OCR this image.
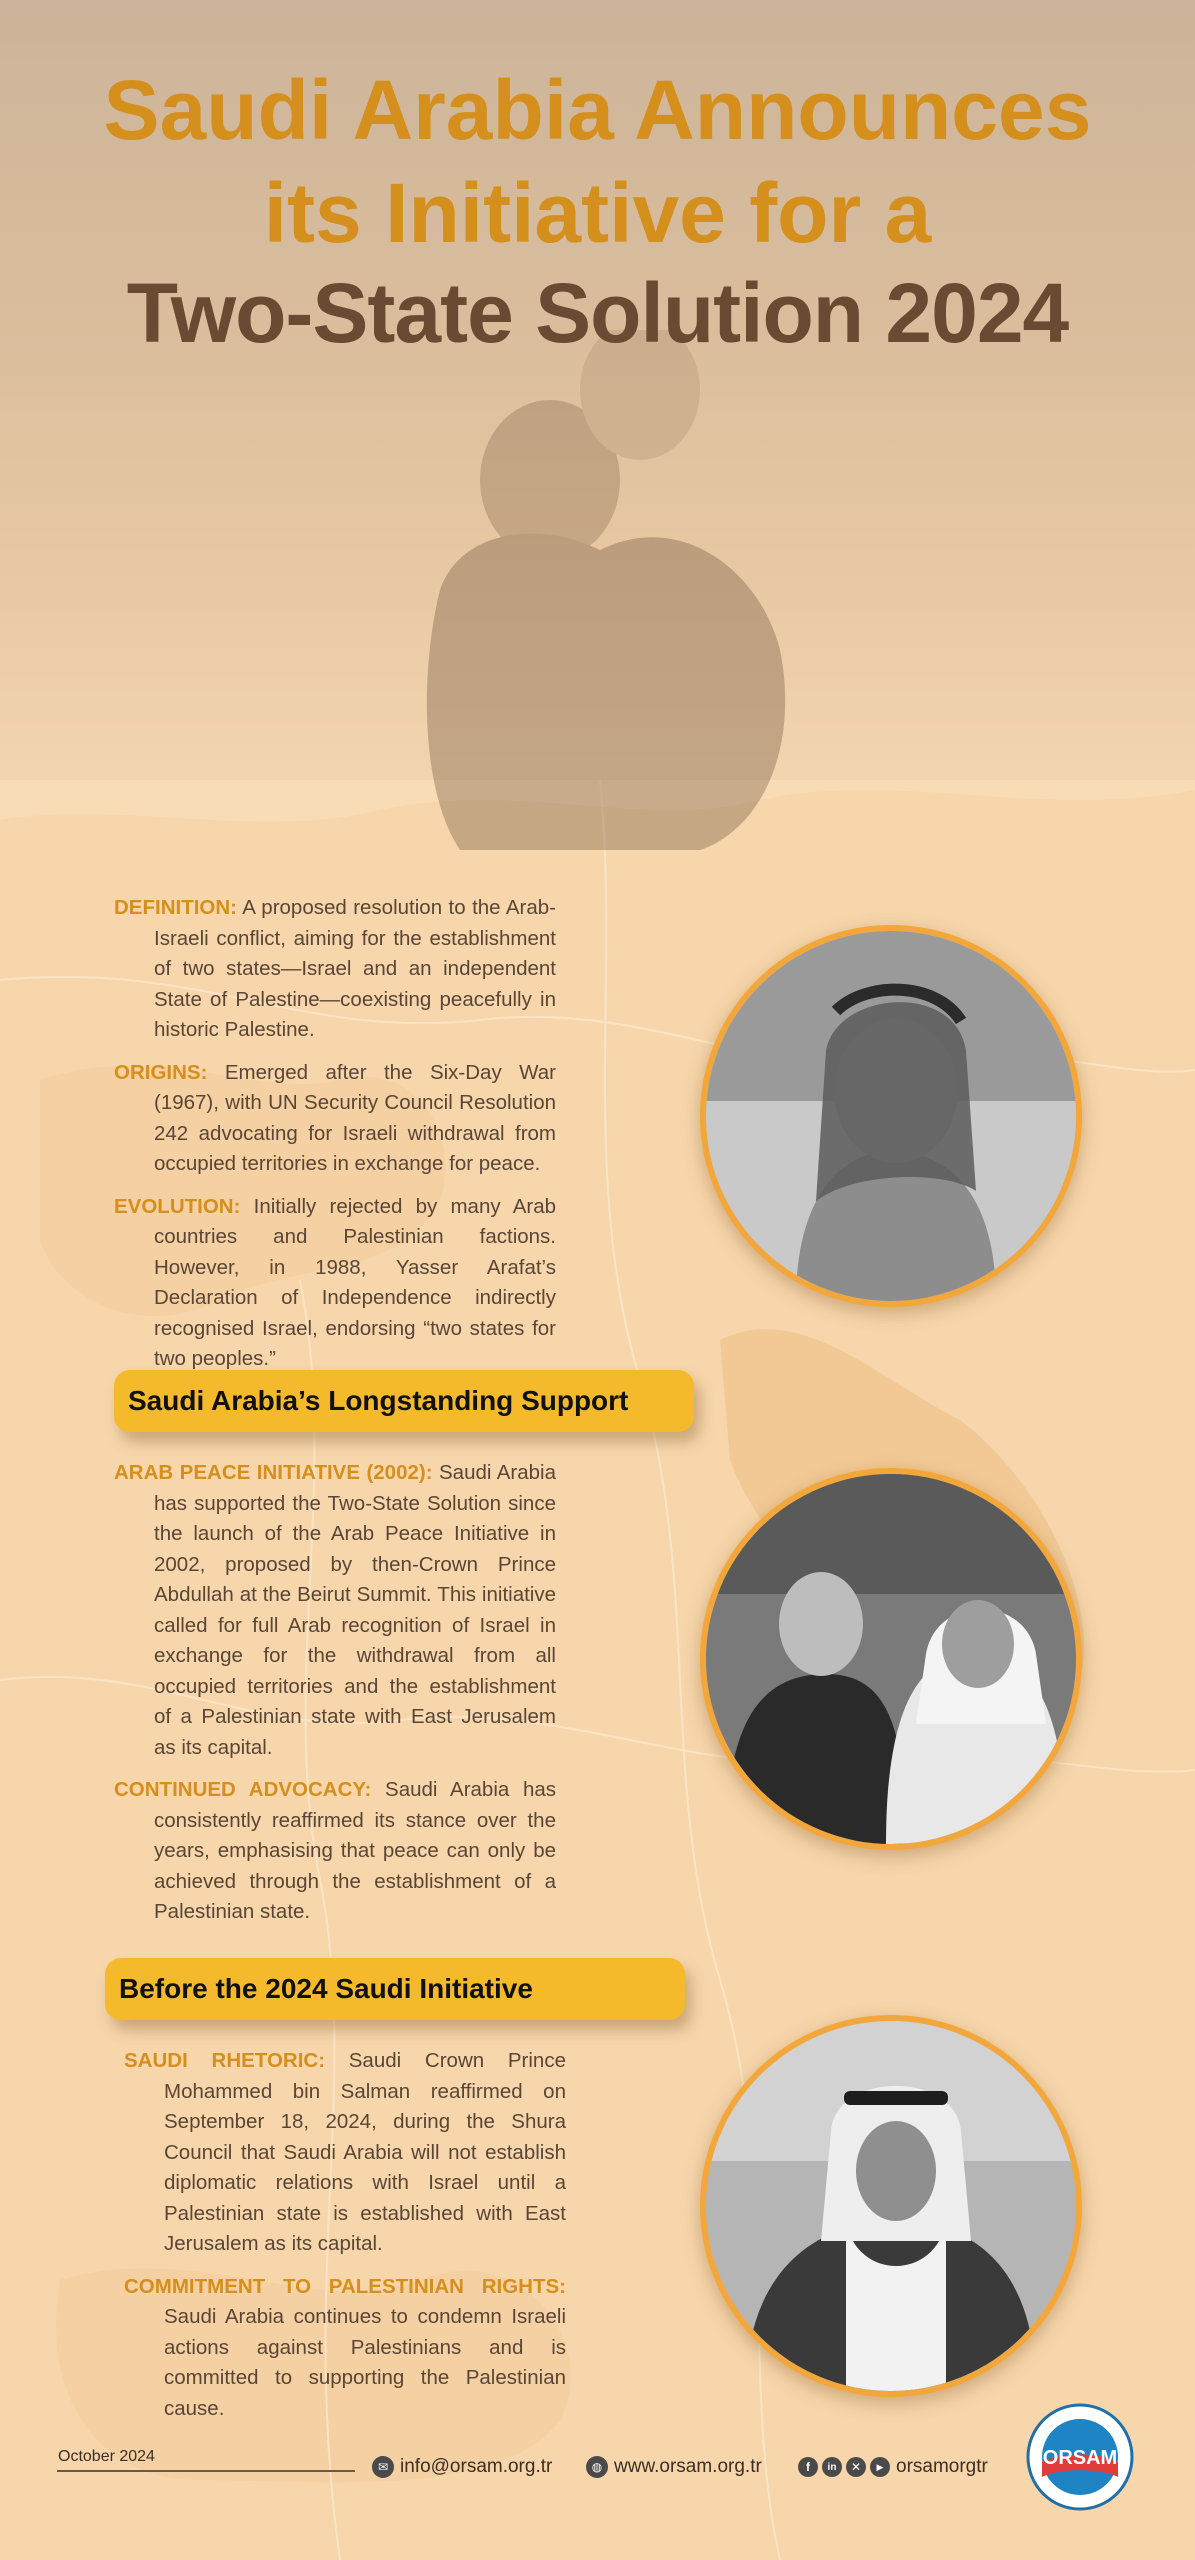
Saudi Arabia Announces
its Initiative for a
Two-State Solution 2024

DEFINITION: A proposed resolution to the Arab-Israeli conflict, aiming for the establishment of two states—Israel and an independent State of Palestine—coexisting peacefully in historic Palestine.

ORIGINS: Emerged after the Six-Day War (1967), with UN Security Council Resolution 242 advocating for Israeli withdrawal from occupied territories in exchange for peace.

EVOLUTION: Initially rejected by many Arab countries and Palestinian factions. However, in 1988, Yasser Arafat’s Declaration of Independence indirectly recognised Israel, endorsing “two states for two peoples.”

Saudi Arabia’s Longstanding Support

ARAB PEACE INITIATIVE (2002): Saudi Arabia has supported the Two-State Solution since the launch of the Arab Peace Initiative in 2002, proposed by then-Crown Prince Abdullah at the Beirut Summit. This initiative called for full Arab recognition of Israel in exchange for the withdrawal from all occupied territories and the establishment of a Palestinian state with East Jerusalem as its capital.

CONTINUED ADVOCACY: Saudi Arabia has consistently reaffirmed its stance over the years, emphasising that peace can only be achieved through the establishment of a Palestinian state.

Before the 2024 Saudi Initiative

SAUDI RHETORIC: Saudi Crown Prince Mohammed bin Salman reaffirmed on September 18, 2024, during the Shura Council that Saudi Arabia will not establish diplomatic relations with Israel until a Palestinian state is established with East Jerusalem as its capital.

COMMITMENT TO PALESTINIAN RIGHTS: Saudi Arabia continues to condemn Israeli actions against Palestinians and is committed to supporting the Palestinian cause.

October 2024
✉ info@orsam.org.tr	◍ www.orsam.org.tr	f	in	✕	▶ orsamorgtr	ORSAM
